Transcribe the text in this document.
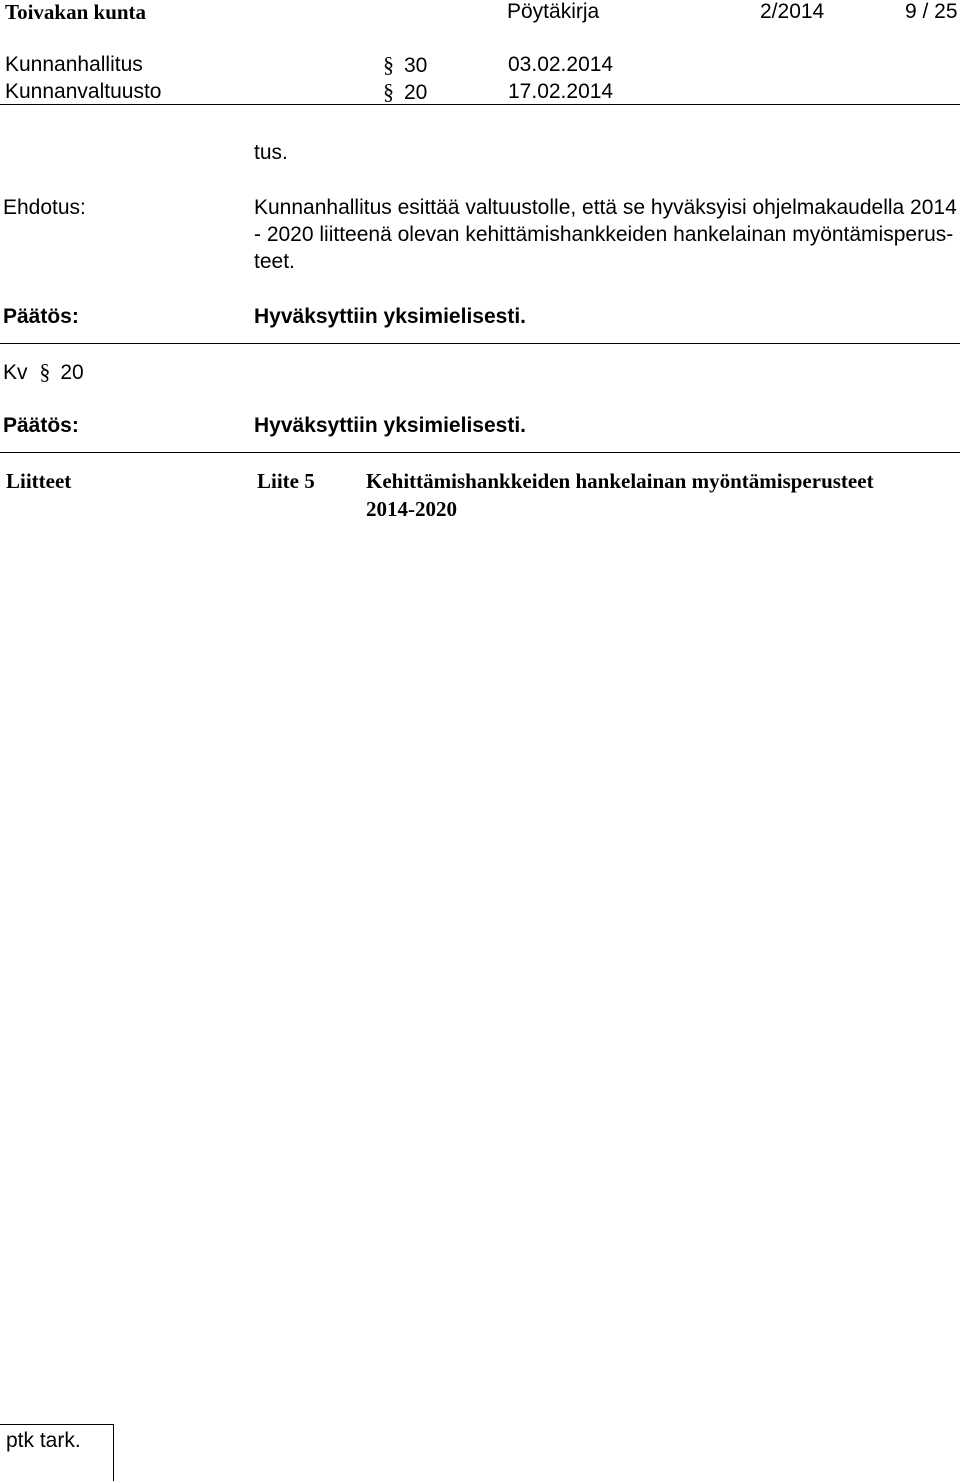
Toivakan kunta	Pöytäkirja	2/2014	9 / 25
Kunnanhallitus	§ 30	03.02.2014
Kunnanvaltuusto	§ 20	17.02.2014
tus.
Ehdotus:	Kunnanhallitus esittää valtuustolle, että se hyväksyisi ohjelmakaudella 2014
- 2020 liitteenä olevan kehittämishankkeiden hankelainan myöntämisperus-
teet.
Päätös:	Hyväksyttiin yksimielisesti.
Kv § 20
Päätös:	Hyväksyttiin yksimielisesti.
Liitteet	Liite 5 Kehittämishankkeiden hankelainan myöntämisperusteet
2014-2020
ptk tark.
